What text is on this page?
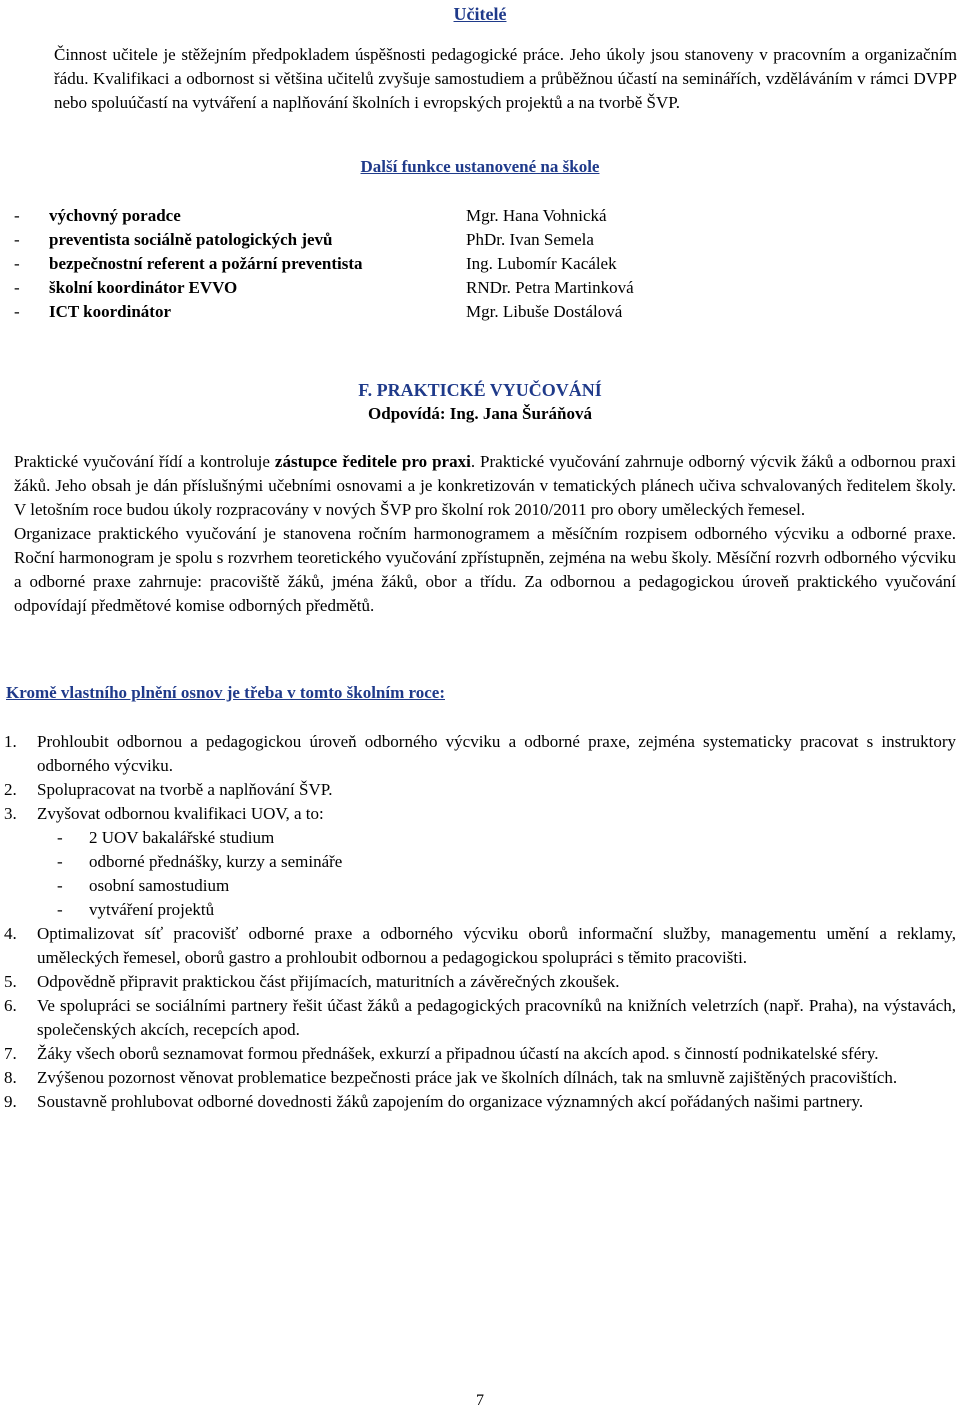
Učitelé
Činnost učitele je stěžejním předpokladem úspěšnosti pedagogické práce. Jeho úkoly jsou stanoveny v pracovním a organizačním řádu. Kvalifikaci a odbornost si většina učitelů zvyšuje samostudiem a průběžnou účastí na seminářích, vzděláváním v rámci DVPP nebo spoluúčastí na vytváření a naplňování školních i evropských projektů a na tvorbě ŠVP.
Další funkce ustanovené na škole
- výchovný poradce	Mgr. Hana Vohnická
- preventista sociálně patologických jevů	PhDr. Ivan Semela
- bezpečnostní referent a požární preventista	Ing. Lubomír Kacálek
- školní koordinátor EVVO	RNDr. Petra Martinková
- ICT koordinátor	Mgr. Libuše Dostálová
F. PRAKTICKÉ VYUČOVÁNÍ
Odpovídá: Ing. Jana Šuráňová

Praktické vyučování řídí a kontroluje zástupce ředitele pro praxi. Praktické vyučování zahrnuje odborný výcvik žáků a odbornou praxi žáků. Jeho obsah je dán příslušnými učebními osnovami a je konkretizován v tematických plánech učiva schvalovaných ředitelem školy. V letošním roce budou úkoly rozpracovány v nových ŠVP pro školní rok 2010/2011 pro obory uměleckých řemesel.

Organizace praktického vyučování je stanovena ročním harmonogramem a měsíčním rozpisem odborného výcviku a odborné praxe. Roční harmonogram je spolu s rozvrhem teoretického vyučování zpřístupněn, zejména na webu školy. Měsíční rozvrh odborného výcviku a odborné praxe zahrnuje: pracoviště žáků, jména žáků, obor a třídu. Za odbornou a pedagogickou úroveň praktického vyučování odpovídají předmětové komise odborných předmětů.

Kromě vlastního plnění osnov je třeba v tomto školním roce:

1. Prohloubit odbornou a pedagogickou úroveň odborného výcviku a odborné praxe, zejména systematicky pracovat s instruktory odborného výcviku.

2. Spolupracovat na tvorbě a naplňování ŠVP.

3. Zvyšovat odbornou kvalifikaci UOV, a to:
- 2 UOV bakalářské studium
- odborné přednášky, kurzy a semináře
- osobní samostudium
- vytváření projektů

4. Optimalizovat síť pracovišť odborné praxe a odborného výcviku oborů informační služby, managementu umění a reklamy, uměleckých řemesel, oborů gastro a prohloubit odbornou a pedagogickou spolupráci s těmito pracovišti.

5. Odpovědně připravit praktickou část přijímacích, maturitních a závěrečných zkoušek.

6. Ve spolupráci se sociálními partnery řešit účast žáků a pedagogických pracovníků na knižních veletrzích (např. Praha), na výstavách, společenských akcích, recepcích apod.

7. Žáky všech oborů seznamovat formou přednášek, exkurzí a připadnou účastí na akcích apod. s činností podnikatelské sféry.

8. Zvýšenou pozornost věnovat problematice bezpečnosti práce jak ve školních dílnách, tak na smluvně zajištěných pracovištích.

9. Soustavně prohlubovat odborné dovednosti žáků zapojením do organizace významných akcí pořádaných našimi partnery.

7
